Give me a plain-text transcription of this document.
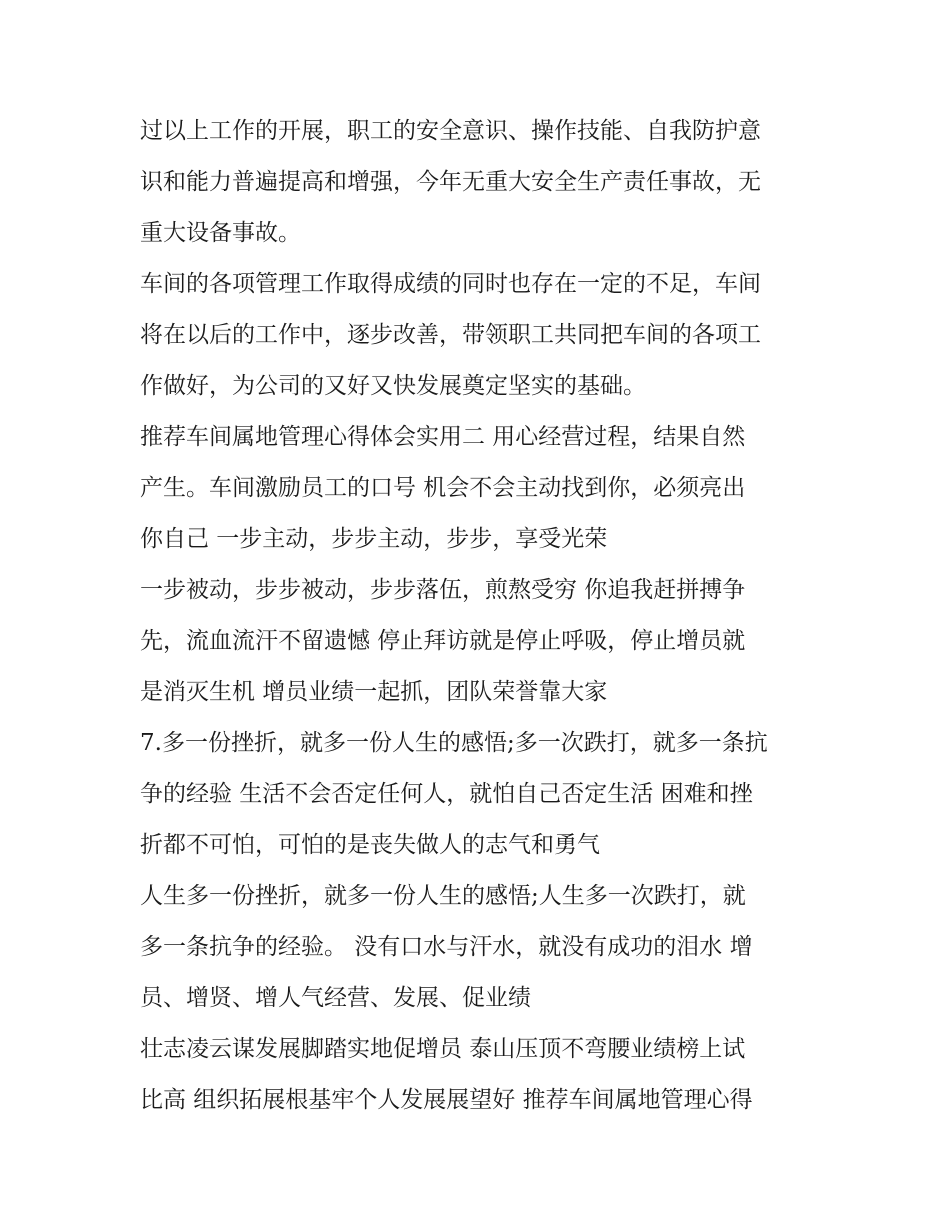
过以上工作的开展，职工的安全意识、操作技能、自我防护意
识和能力普遍提高和增强，今年无重大安全生产责任事故，无
重大设备事故。
车间的各项管理工作取得成绩的同时也存在一定的不足，车间
将在以后的工作中，逐步改善，带领职工共同把车间的各项工
作做好，为公司的又好又快发展奠定坚实的基础。
推荐车间属地管理心得体会实用二 用心经营过程，结果自然
产生。车间激励员工的口号 机会不会主动找到你，必须亮出
你自己 一步主动，步步主动，步步，享受光荣
一步被动，步步被动，步步落伍，煎熬受穷 你追我赶拼搏争
先，流血流汗不留遗憾 停止拜访就是停止呼吸，停止增员就
是消灭生机 增员业绩一起抓，团队荣誉靠大家
7.多一份挫折，就多一份人生的感悟;多一次跌打，就多一条抗
争的经验 生活不会否定任何人，就怕自己否定生活 困难和挫
折都不可怕，可怕的是丧失做人的志气和勇气
人生多一份挫折，就多一份人生的感悟;人生多一次跌打，就
多一条抗争的经验。 没有口水与汗水，就没有成功的泪水 增
员、增贤、增人气经营、发展、促业绩
壮志凌云谋发展脚踏实地促增员 泰山压顶不弯腰业绩榜上试
比高 组织拓展根基牢个人发展展望好 推荐车间属地管理心得
